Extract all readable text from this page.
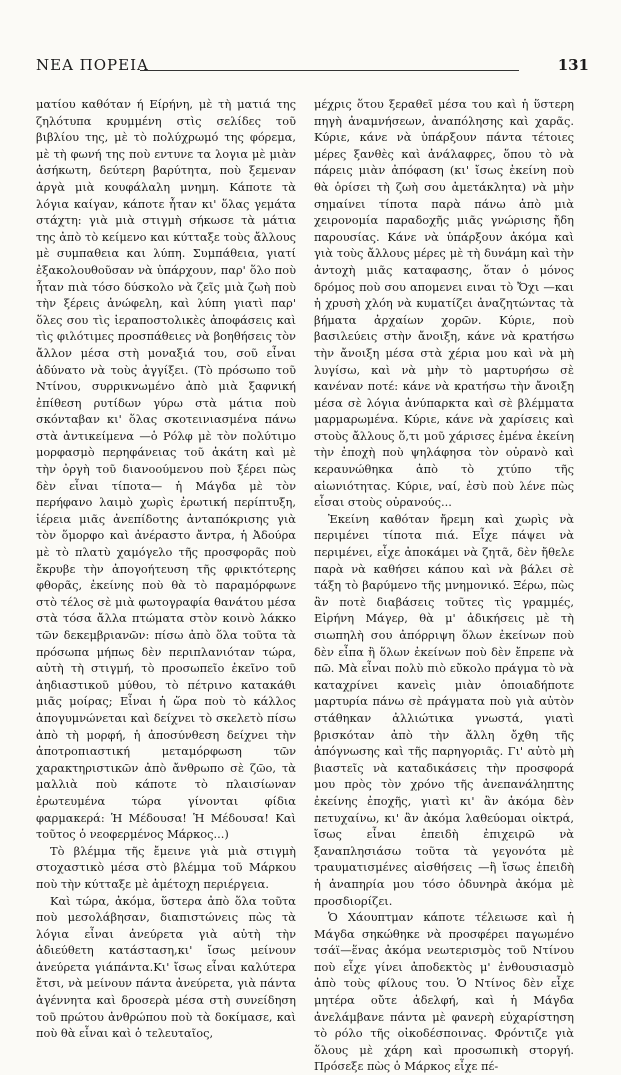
ΝΕΑ ΠΟΡΕΙΑ	131

ματίου καθόταν ή Είρήνη, μὲ τὴ ματιά της ζηλότυπα κρυμμένη στὶς σελίδες τοῦ βιβλίου της, μὲ τὸ πολύχρωμό της φόρεμα, μὲ τὴ φωνή της ποὺ εντυνε τα λογια μὲ μιὰν ἀσήκωτη, δεύτερη βαρύτητα, ποὺ ξεμεναν ἀργὰ μιὰ κουφάλαλη μνημη. Κάποτε τὰ λόγια καίγαν, κάποτε ἦταν κι' ὅλας γεμάτα στάχτη: γιὰ μιὰ στιγμὴ σήκωσε τὰ μάτια της ἀπὸ τὸ κείμενο και κύτταξε τοὺς ἄλλους μὲ συμπαθεια και λύπη. Συμπάθεια, γιατί ἐξακολουθοῦσαν νὰ ὑπάρχουν, παρ' ὅλο ποὺ ἦταν πιὰ τόσο δύσκολο νὰ ζεῖς μιὰ ζωὴ ποὺ τὴν ξέρεις ἀνώφελη, καὶ λύπη γιατὶ παρ' ὅλες σου τὶς ἱεραποστολικὲς ἀποφάσεις καὶ τὶς φιλότιμες προσπάθειες νὰ βοηθήσεις τὸν ἄλλον μέσα στὴ μοναξιά του, σοῦ εἶναι ἀδύνατο νὰ τοὺς ἀγγίξει. (Τὸ πρόσωπο τοῦ Ντίνου, συρρικνωμένο ἀπὸ μιὰ ξαφνική ἐπίθεση ρυτίδων γύρω στὰ μάτια ποὺ σκόνταβαν κι' ὅλας σκοτεινιασμένα πάνω στὰ ἀντικείμενα —ὁ Ρόλφ μὲ τὸν πολύτιμο μορφασμὸ περηφάνειας τοῦ ἀκάτη καὶ μὲ τὴν ὀργὴ τοῦ διανοούμενου ποὺ ξέρει πὼς δὲν εἶναι τίποτα— ἡ Μάγδα μὲ τὸν περήφανο λαιμὸ χωρὶς ἐρωτική περίπτυξη, ἱέρεια μιᾶς ἀνεπίδοτης ἀνταπόκρισης γιὰ τὸν ὅμορφο καὶ ἀνέραστο ἄντρα, ἡ Ἀδούρα μὲ τὸ πλατὺ χαμόγελο τῆς προσφορᾶς ποὺ ἔκρυβε τὴν ἀπογοήτευση τῆς φρικτότερης φθορᾶς, ἐκείνης ποὺ θὰ τὸ παραμόρφωνε στὸ τέλος σὲ μιὰ φωτογραφία θανάτου μέσα στὰ τόσα ἄλλα πτώματα στὸν κοινὸ λάκκο τῶν δεκεμβριανῶν: πίσω ἀπὸ ὅλα τοῦτα τὰ πρόσωπα μήπως δὲν περιπλανιόταν τώρα, αὐτὴ τὴ στιγμή, τὸ προσωπεῖο ἐκεῖνο τοῦ ἀηδιαστικοῦ μύθου, τὸ πέτρινο κατακάθι μιᾶς μοίρας; Εἶναι ἡ ὥρα ποὺ τὸ κάλλος ἀπογυμνώνεται καὶ δείχνει τὸ σκελετὸ πίσω ἀπὸ τὴ μορφή, ἡ ἀποσύνθεση δείχνει τὴν ἀποτροπιαστική μεταμόρφωση τῶν χαρακτηριστικῶν ἀπὸ ἄνθρωπο σὲ ζῶο, τὰ μαλλιὰ ποὺ κάποτε τὸ πλαισίωναν ἐρωτευμένα τώρα γίνονται φίδια φαρμακερά: Ἡ Μέδουσα! Ἡ Μέδουσα! Καὶ τοῦτος ὁ νεοφερμένος Μάρκος...)

Τὸ βλέμμα τῆς ἔμεινε γιὰ μιὰ στιγμὴ στοχαστικὸ μέσα στὸ βλέμμα τοῦ Μάρκου ποὺ τὴν κύτταξε μὲ ἀμέτοχη περιέργεια.

Καὶ τώρα, ἀκόμα, ὕστερα ἀπὸ ὅλα τοῦτα ποὺ μεσολάβησαν, διαπιστώνεις πὼς τὰ λόγια εἶναι ἀνεύρετα γιὰ αὐτὴ τὴν ἀδιεύθετη κατάσταση,κι' ἴσως μείνουν ἀνεύρετα γιάπάντα.Κι' ἴσως εἶναι καλύτερα ἔτσι, νὰ μείνουν πάντα ἀνεύρετα, γιὰ πάντα ἀγέννητα καὶ δροσερὰ μέσα στὴ συνείδηση τοῦ πρώτου ἀνθρώπου ποὺ τὰ δοκίμασε, καὶ ποὺ θὰ εἶναι καὶ ὁ τελευταῖος,

μέχρις ὅτου ξεραθεῖ μέσα του καὶ ἡ ὕστερη πηγὴ ἀναμνήσεων, ἀναπόλησης καὶ χαρᾶς. Κύριε, κάνε νὰ ὑπάρξουν πάντα τέτοιες μέρες ξανθὲς καὶ ἀνάλαφρες, ὅπου τὸ νὰ πάρεις μιὰν ἀπόφαση (κι' ἴσως ἐκείνη ποὺ θὰ ὁρίσει τὴ ζωὴ σου ἀμετάκλητα) νὰ μὴν σημαίνει τίποτα παρὰ πάνω ἀπὸ μιὰ χειρονομία παραδοχῆς μιᾶς γνώρισης ἤδη παρουσίας. Κάνε νὰ ὑπάρξουν ἀκόμα καὶ γιὰ τοὺς ἄλλους μέρες μὲ τὴ δυνάμη καὶ τὴν ἀντοχὴ μιᾶς καταφασης, ὅταν ὁ μόνος δρόμος ποὺ σου απομενει ειναι τὸ Ὄχι —και ἡ χρυσὴ χλόη νὰ κυματίζει ἀναζητώντας τὰ βήματα ἀρχαίων χορῶν. Κύριε, ποὺ βασιλεύεις στὴν ἄνοιξη, κάνε νὰ κρατήσω τὴν ἄνοιξη μέσα στὰ χέρια μου καὶ νὰ μὴ λυγίσω, καὶ νὰ μὴν τὸ μαρτυρήσω σὲ κανέναν ποτέ: κάνε νὰ κρατήσω τὴν ἄνοιξη μέσα σὲ λόγια ἀνύπαρκτα καὶ σὲ βλέμματα μαρμαρωμένα. Κύριε, κάνε νὰ χαρίσεις καὶ στοὺς ἄλλους ὅ,τι μοῦ χάρισες ἐμένα ἐκείνη τὴν ἐποχὴ ποὺ ψηλάφησα τὸν οὐρανὸ καὶ κεραυνώθηκα ἀπὸ τὸ χτύπο τῆς αἰωνιότητας. Κύριε, ναί, ἐσὺ ποὺ λένε πὼς εἶσαι στοὺς οὐρανούς...

Ἐκείνη καθόταν ἤρεμη καὶ χωρὶς νὰ περιμένει τίποτα πιά. Εἶχε πάψει νὰ περιμένει, εἶχε ἀποκάμει νὰ ζητᾶ, δὲν ἤθελε παρὰ νὰ καθήσει κάπου καὶ νὰ βάλει σὲ τάξη τὸ βαρύμενο τῆς μνημονικό. Ξέρω, πὼς ἂν ποτὲ διαβάσεις τοῦτες τὶς γραμμές, Εἰρήνη Μάγερ, θὰ μ' ἀδικήσεις μὲ τὴ σιωπηλὴ σου ἀπόρριψη ὅλων ἐκείνων ποὺ δὲν εἶπα ἢ ὅλων ἐκείνων ποὺ δὲν ἔπρεπε νὰ πῶ. Μὰ εἶναι πολὺ πιὸ εὔκολο πράγμα τὸ νὰ καταχρίνει κανεὶς μιὰν ὁποιαδήποτε μαρτυρία πάνω σὲ πράγματα ποὺ γιὰ αὐτὸν στάθηκαν ἀλλιώτικα γνωστά, γιατὶ βρισκόταν ἀπὸ τὴν ἄλλη ὄχθη τῆς ἀπόγνωσης καὶ τῆς παρηγοριᾶς. Γι' αὐτὸ μὴ βιαστεῖς νὰ καταδικάσεις τὴν προσφορά μου πρὸς τὸν χρόνο τῆς ἀνεπανάληπτης ἐκείνης ἐποχῆς, γιατὶ κι' ἂν ἀκόμα δὲν πετυχαίνω, κι' ἂν ἀκόμα λαθεύομαι οἰκτρά, ἴσως εἶναι ἐπειδὴ ἐπιχειρῶ νὰ ξαναπλησιάσω τοῦτα τὰ γεγονότα μὲ τραυματισμένες αἰσθήσεις —ἢ ἴσως ἐπειδὴ ἡ ἀναπηρία μου τόσο ὀδυνηρὰ ἀκόμα μὲ προσδιορίζει.

Ὁ Χάουπτμαν κάποτε τέλειωσε καὶ ἡ Μάγδα σηκώθηκε νὰ προσφέρει παγωμένο τσάϊ—ἕνας ἀκόμα νεωτερισμὸς τοῦ Ντίνου ποὺ εἶχε γίνει ἀποδεκτὸς μ' ἐνθουσιασμὸ ἀπὸ τοὺς φίλους του. Ὁ Ντίνος δὲν εἶχε μητέρα οὔτε ἀδελφή, καὶ ἡ Μάγδα ἀνελάμβανε πάντα μὲ φανερὴ εὐχαρίστηση τὸ ρόλο τῆς οἰκοδέσποινας. Φρόντιζε γιὰ ὅλους μὲ χάρη καὶ προσωπικὴ στοργή. Πρόσεξε πὼς ὁ Μάρκος εἶχε πέ-
